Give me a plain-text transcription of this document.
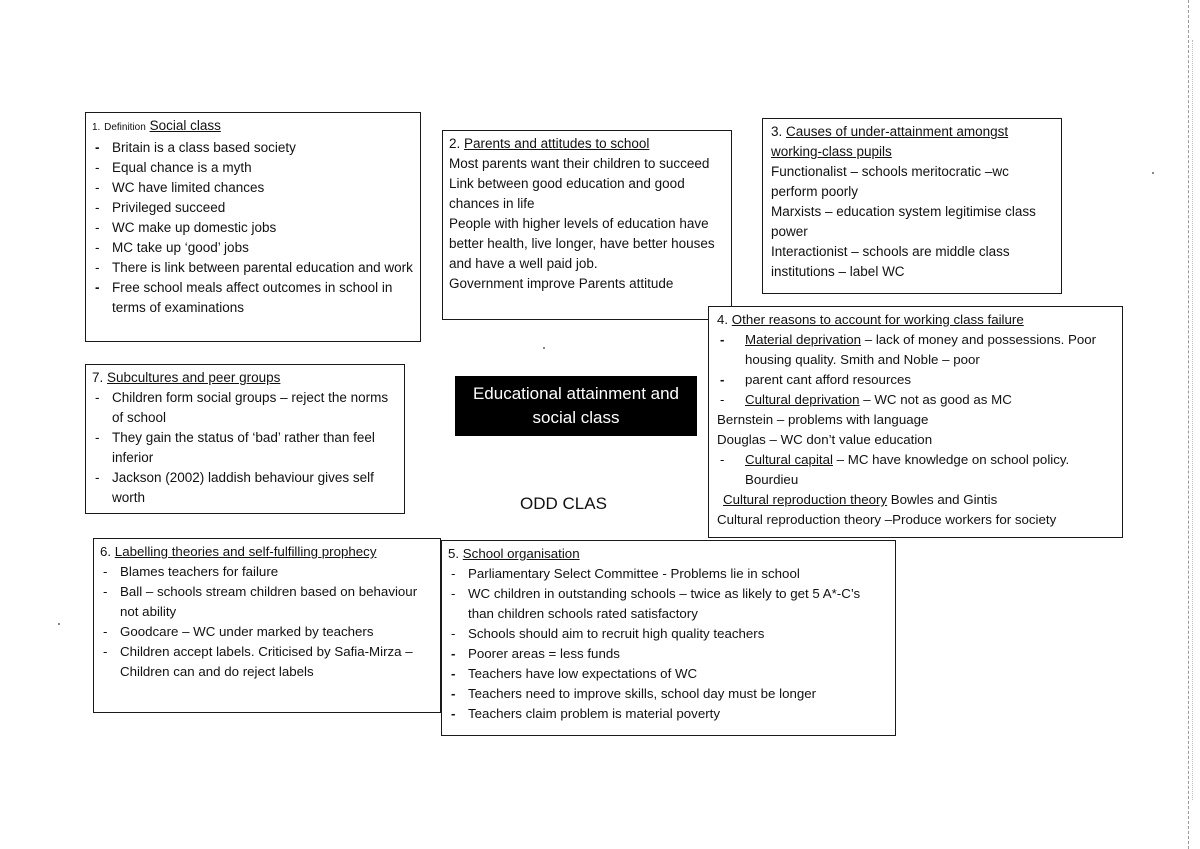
1. Definition Social class

- Britain is a class based society
- Equal chance is a myth
- WC have limited chances
- Privileged succeed
- WC make up domestic jobs
- MC take up ‘good’ jobs
- There is link between parental education and work
- Free school meals affect outcomes in school in terms of examinations

2. Parents and attitudes to school

Most parents want their children to succeed

Link between good education and good chances in life

People with higher levels of education have better health, live longer, have better houses and have a well paid job.

Government improve Parents attitude

3. Causes of under-attainment amongst working-class pupils

Functionalist – schools meritocratic –wc perform poorly

Marxists – education system legitimise class power

Interactionist – schools are middle class institutions – label WC

4. Other reasons to account for working class failure

- Material deprivation – lack of money and possessions. Poor housing quality. Smith and Noble – poor
- parent cant afford resources
- Cultural deprivation – WC not as good as MC

Bernstein – problems with language

Douglas – WC don’t value education

- Cultural capital – MC have knowledge on school policy. Bourdieu

Cultural reproduction theory Bowles and Gintis

Cultural reproduction theory –Produce workers for society

7. Subcultures and peer groups

- Children form social groups – reject the norms of school
- They gain the status of ‘bad’ rather than feel inferior
- Jackson (2002) laddish behaviour gives self worth
Educational attainment and social class
ODD CLAS

6. Labelling theories and self-fulfilling prophecy

- Blames teachers for failure
- Ball – schools stream children based on behaviour not ability
- Goodcare – WC under marked by teachers
- Children accept labels. Criticised by Safia-Mirza – Children can and do reject labels

5. School organisation

- Parliamentary Select Committee - Problems lie in school
- WC children in outstanding schools – twice as likely to get 5 A*-C’s than children schools rated satisfactory
- Schools should aim to recruit high quality teachers
- Poorer areas = less funds
- Teachers have low expectations of WC
- Teachers need to improve skills, school day must be longer
- Teachers claim problem is material poverty
